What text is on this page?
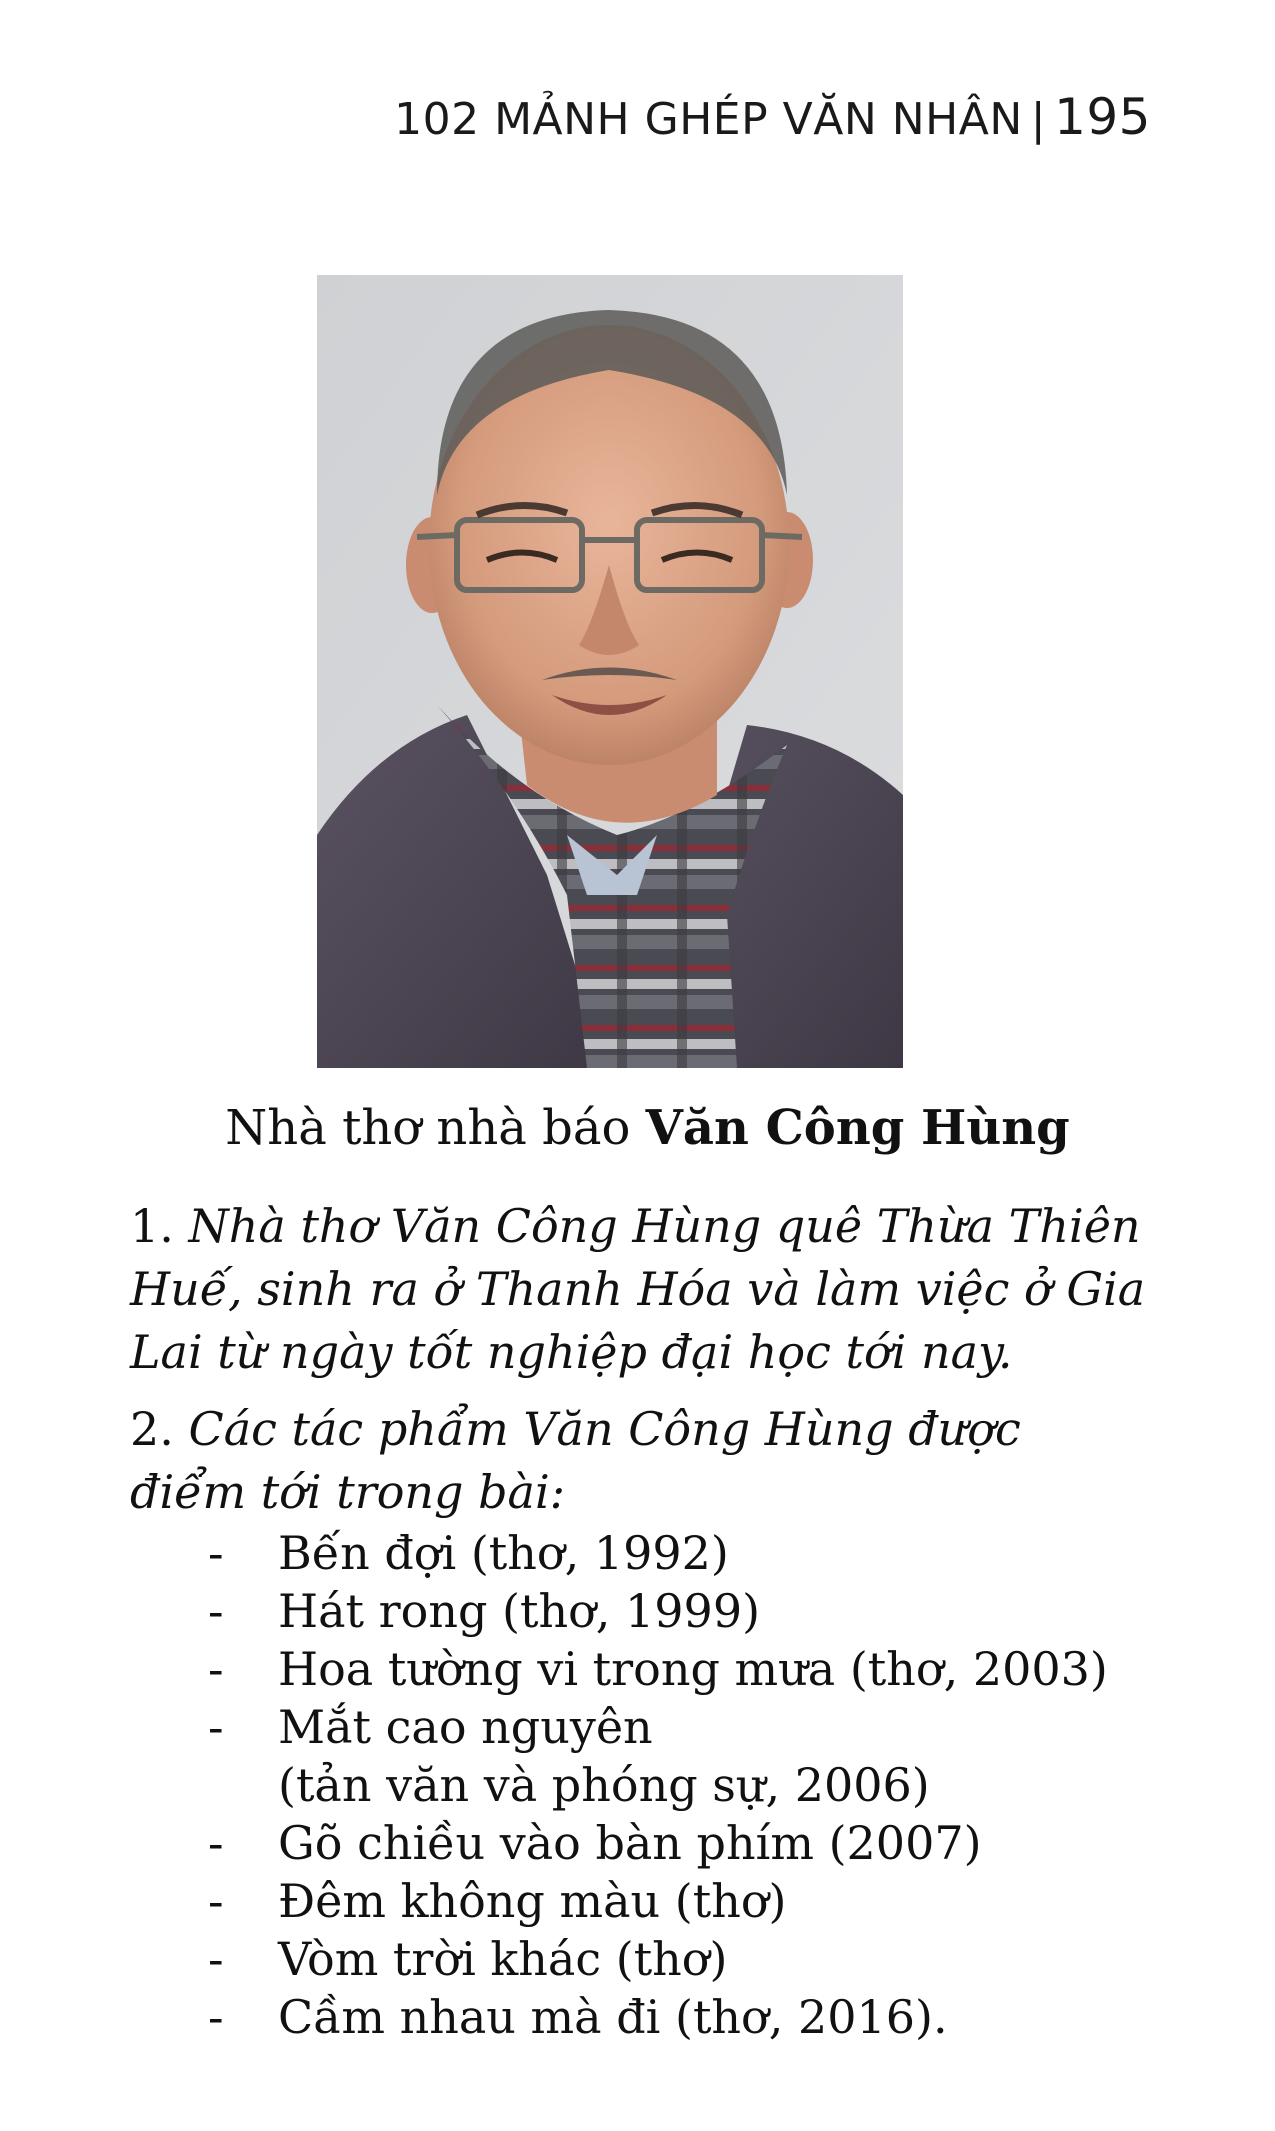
102 MẢNH GHÉP VĂN NHÂN | 195
Nhà thơ nhà báo Văn Công Hùng

1. Nhà thơ Văn Công Hùng quê Thừa Thiên Huế, sinh ra ở Thanh Hóa và làm việc ở Gia Lai từ ngày tốt nghiệp đại học tới nay.

2. Các tác phẩm Văn Công Hùng được điểm tới trong bài:

- Bến đợi (thơ, 1992)
- Hát rong (thơ, 1999)
- Hoa tường vi trong mưa (thơ, 2003)
- Mắt cao nguyên
(tản văn và phóng sự, 2006)
- Gõ chiều vào bàn phím (2007)
- Đêm không màu (thơ)
- Vòm trời khác (thơ)
- Cầm nhau mà đi (thơ, 2016).
